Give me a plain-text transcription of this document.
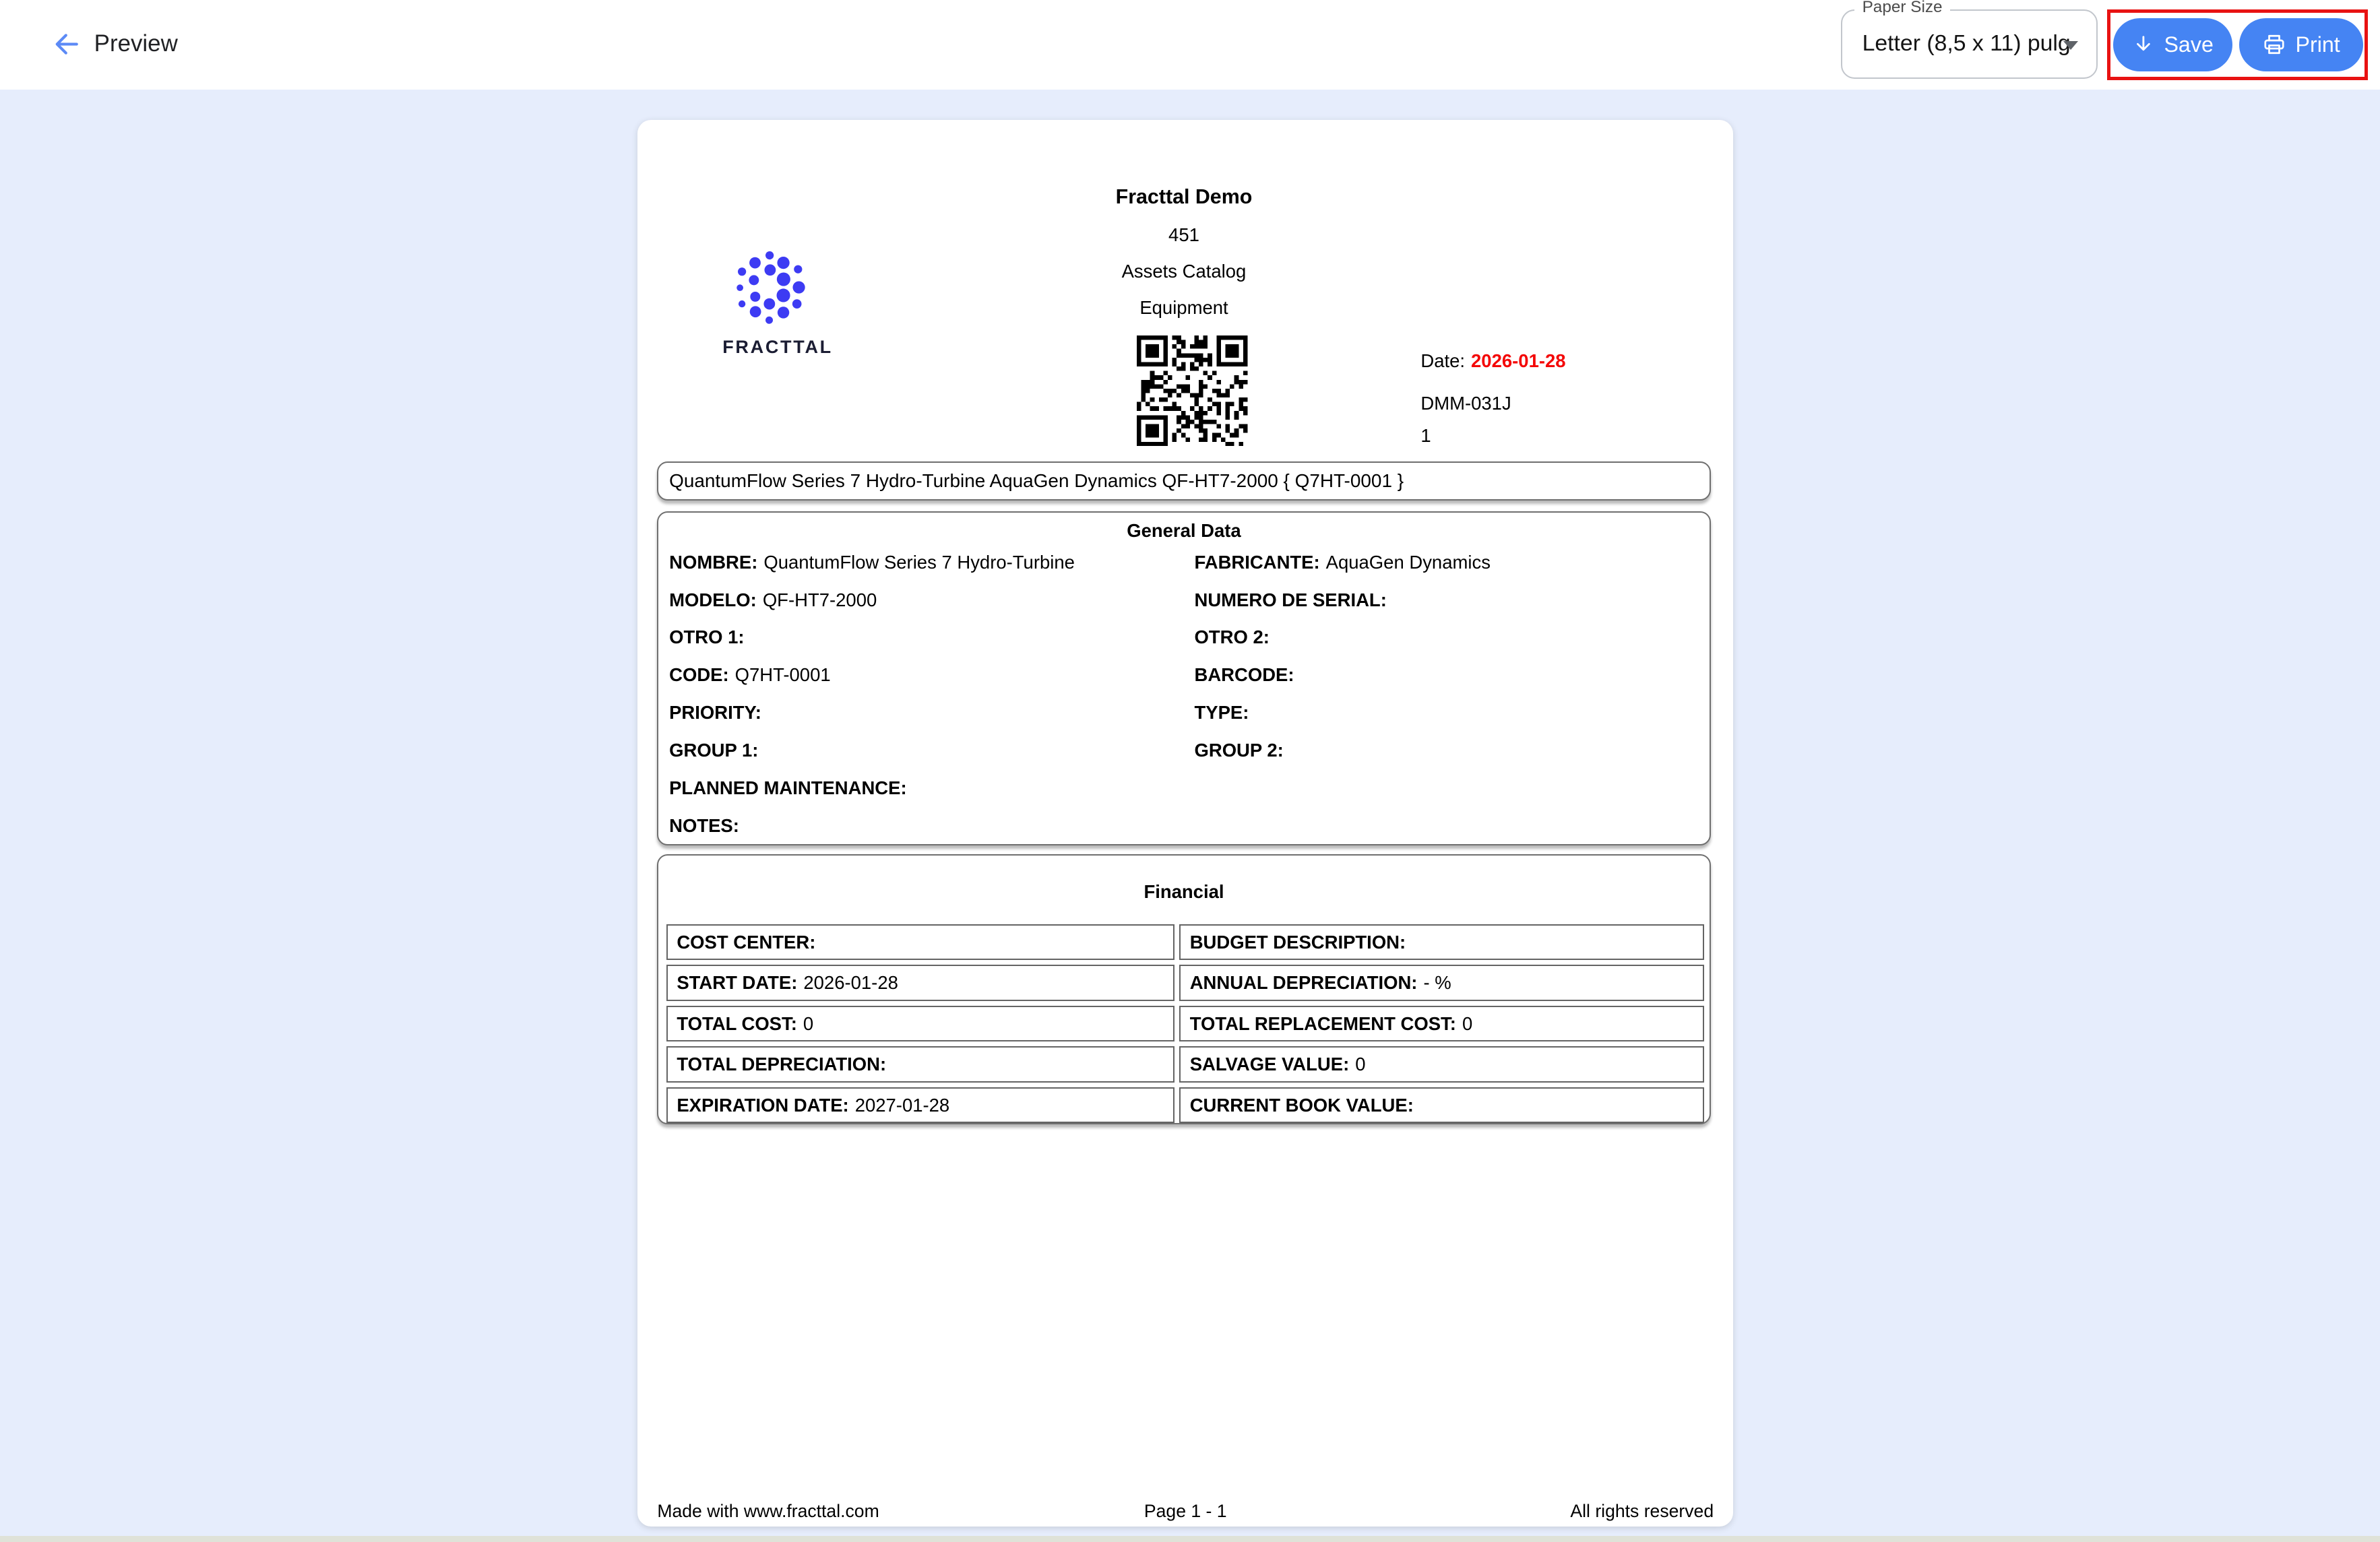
Preview
Paper Size
Letter (8,5 x 11) pulg	Save	Print
FRACTTAL
Fracttal Demo
451
Assets Catalog
Equipment
Date: 2026-01-28
DMM-031J
1
QuantumFlow Series 7 Hydro-Turbine AquaGen Dynamics QF-HT7-2000 { Q7HT-0001 }
General Data
NOMBRE: QuantumFlow Series 7 Hydro-Turbine	FABRICANTE: AquaGen Dynamics
MODELO: QF-HT7-2000	NUMERO DE SERIAL:
OTRO 1:	OTRO 2:
CODE: Q7HT-0001	BARCODE:
PRIORITY:	TYPE:
GROUP 1:	GROUP 2:
PLANNED MAINTENANCE:
NOTES:
Financial
COST CENTER:	BUDGET DESCRIPTION:
START DATE: 2026-01-28	ANNUAL DEPRECIATION: - %
TOTAL COST: 0	TOTAL REPLACEMENT COST: 0
TOTAL DEPRECIATION:	SALVAGE VALUE: 0
EXPIRATION DATE: 2027-01-28	CURRENT BOOK VALUE:
Made with www.fracttal.com	Page 1 - 1	All rights reserved
